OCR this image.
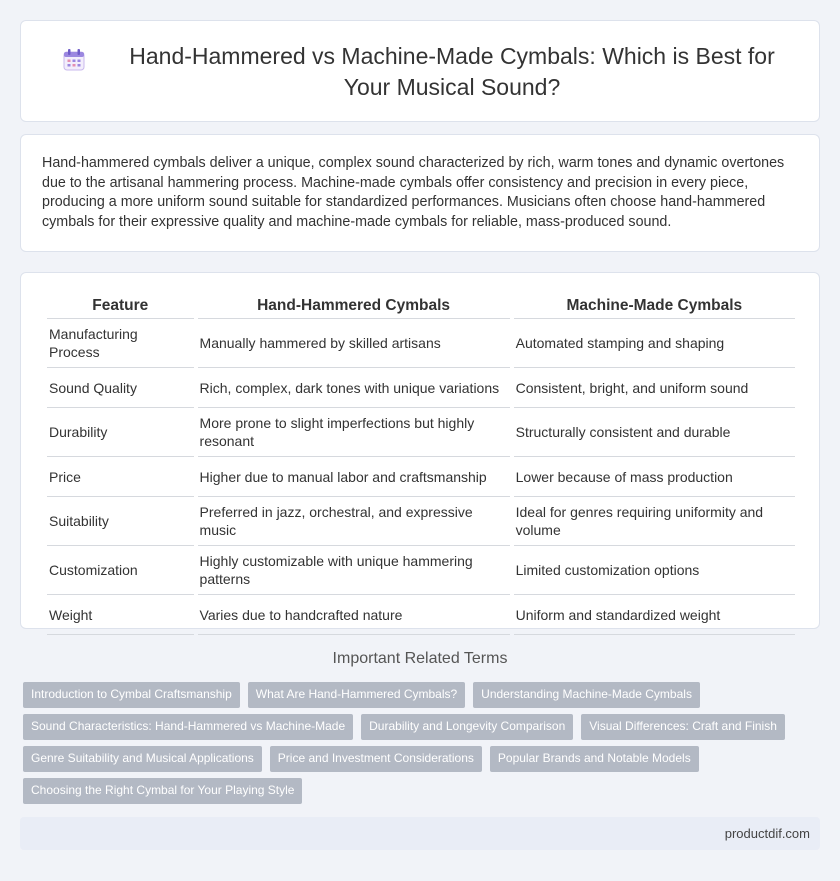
Hand-Hammered vs Machine-Made Cymbals: Which is Best for Your Musical Sound?

Hand-hammered cymbals deliver a unique, complex sound characterized by rich, warm tones and dynamic overtones due to the artisanal hammering process. Machine-made cymbals offer consistency and precision in every piece, producing a more uniform sound suitable for standardized performances. Musicians often choose hand-hammered cymbals for their expressive quality and machine-made cymbals for reliable, mass-produced sound.

Feature	Hand-Hammered Cymbals	Machine-Made Cymbals
Manufacturing Process	Manually hammered by skilled artisans	Automated stamping and shaping
Sound Quality	Rich, complex, dark tones with unique variations	Consistent, bright, and uniform sound
Durability	More prone to slight imperfections but highly resonant	Structurally consistent and durable
Price	Higher due to manual labor and craftsmanship	Lower because of mass production
Suitability	Preferred in jazz, orchestral, and expressive music	Ideal for genres requiring uniformity and volume
Customization	Highly customizable with unique hammering patterns	Limited customization options
Weight	Varies due to handcrafted nature	Uniform and standardized weight
Important Related Terms
Introduction to Cymbal Craftsmanship	What Are Hand-Hammered Cymbals?	Understanding Machine-Made Cymbals
Sound Characteristics: Hand-Hammered vs Machine-Made	Durability and Longevity Comparison	Visual Differences: Craft and Finish
Genre Suitability and Musical Applications	Price and Investment Considerations	Popular Brands and Notable Models
Choosing the Right Cymbal for Your Playing Style
productdif.com
